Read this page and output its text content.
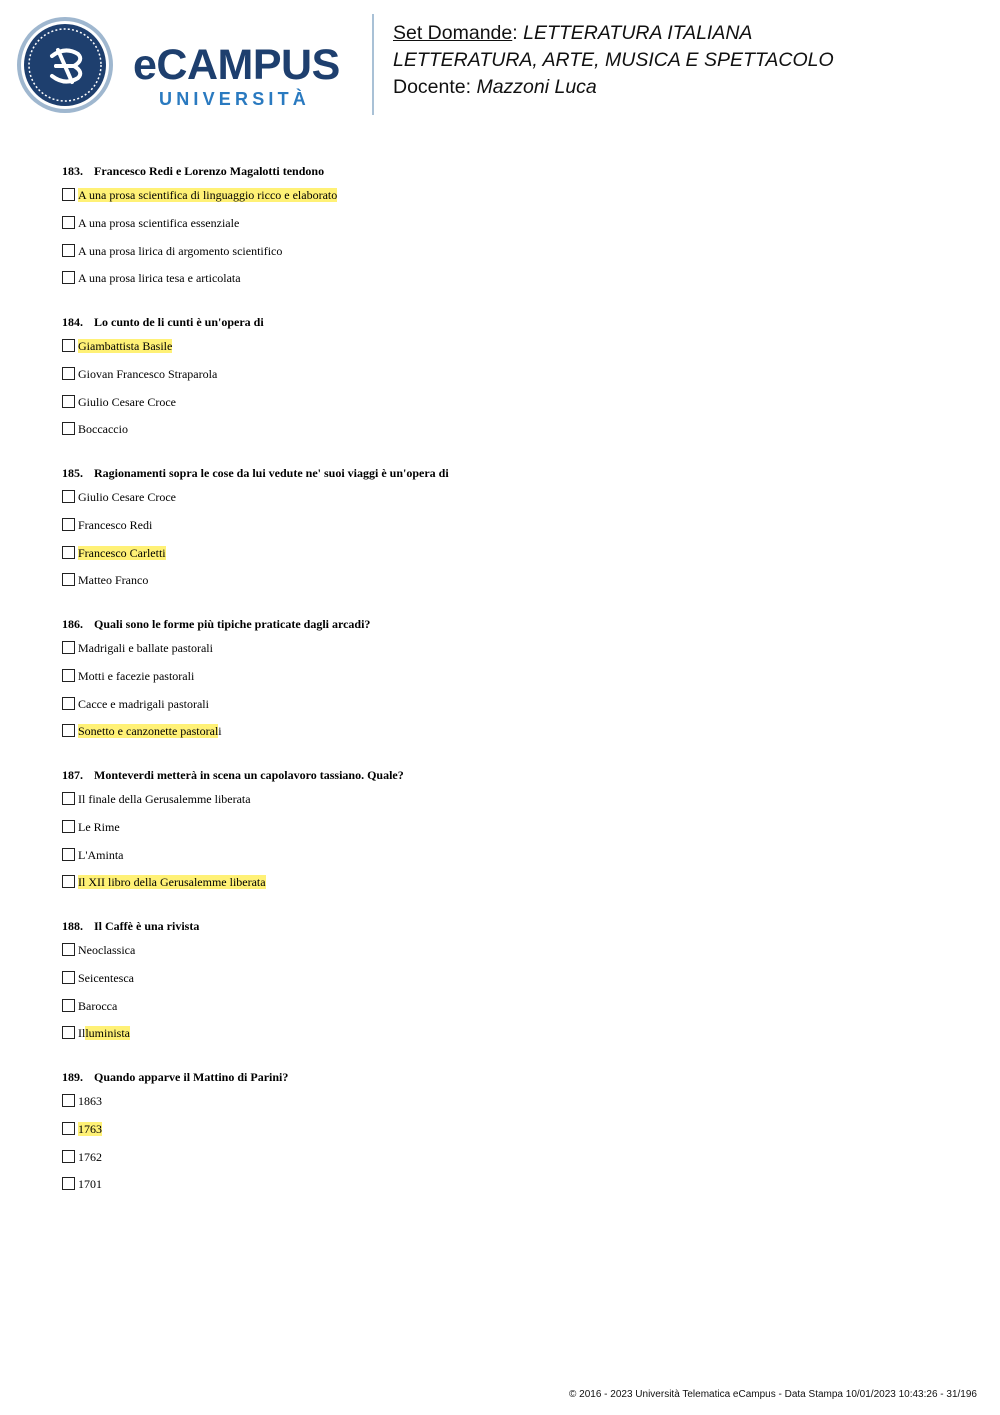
eCAMPUS
UNIVERSITÀ
Set Domande: LETTERATURA ITALIANA
LETTERATURA, ARTE, MUSICA E SPETTACOLO
Docente: Mazzoni Luca
183. Francesco Redi e Lorenzo Magalotti tendono
A una prosa scientifica di linguaggio ricco e elaborato
A una prosa scientifica essenziale
A una prosa lirica di argomento scientifico
A una prosa lirica tesa e articolata
184. Lo cunto de li cunti è un'opera di
Giambattista Basile
Giovan Francesco Straparola
Giulio Cesare Croce
Boccaccio
185. Ragionamenti sopra le cose da lui vedute ne' suoi viaggi è un'opera di
Giulio Cesare Croce
Francesco Redi
Francesco Carletti
Matteo Franco
186. Quali sono le forme più tipiche praticate dagli arcadi?
Madrigali e ballate pastorali
Motti e facezie pastorali
Cacce e madrigali pastorali
Sonetto e canzonette pastorali
187. Monteverdi metterà in scena un capolavoro tassiano. Quale?
Il finale della Gerusalemme liberata
Le Rime
L'Aminta
Il XII libro della Gerusalemme liberata
188. Il Caffè è una rivista
Neoclassica
Seicentesca
Barocca
Illuminista
189. Quando apparve il Mattino di Parini?
1863
1763
1762
1701
© 2016 - 2023 Università Telematica eCampus - Data Stampa 10/01/2023 10:43:26 - 31/196
